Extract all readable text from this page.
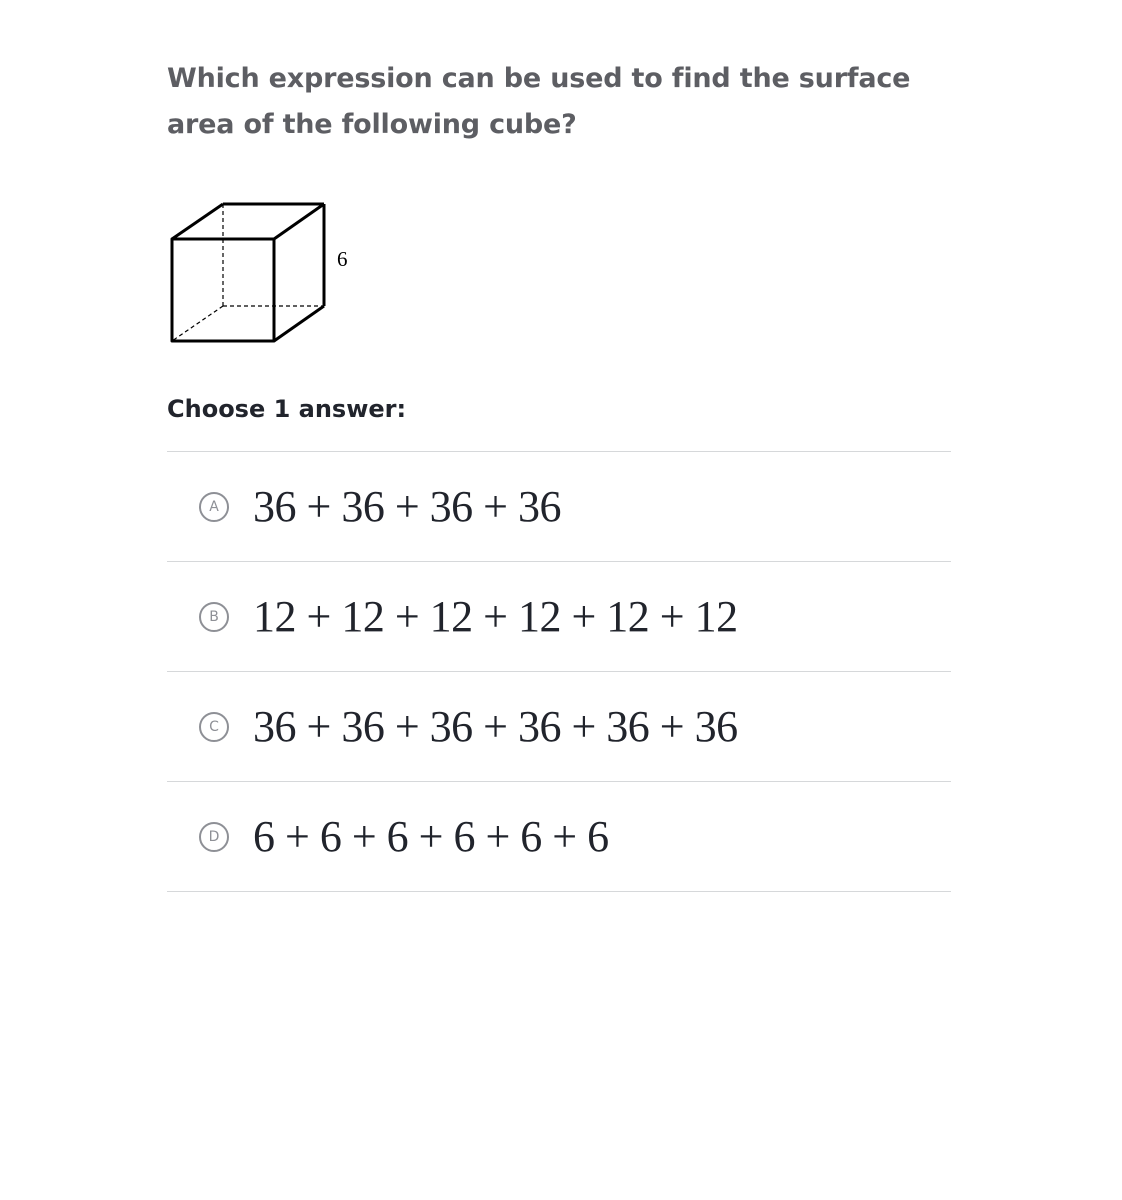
Which expression can be used to find the surface area of the following cube?

6
Choose 1 answer:
A 36 + 36 + 36 + 36
B 12 + 12 + 12 + 12 + 12 + 12
C 36 + 36 + 36 + 36 + 36 + 36
D 6 + 6 + 6 + 6 + 6 + 6
